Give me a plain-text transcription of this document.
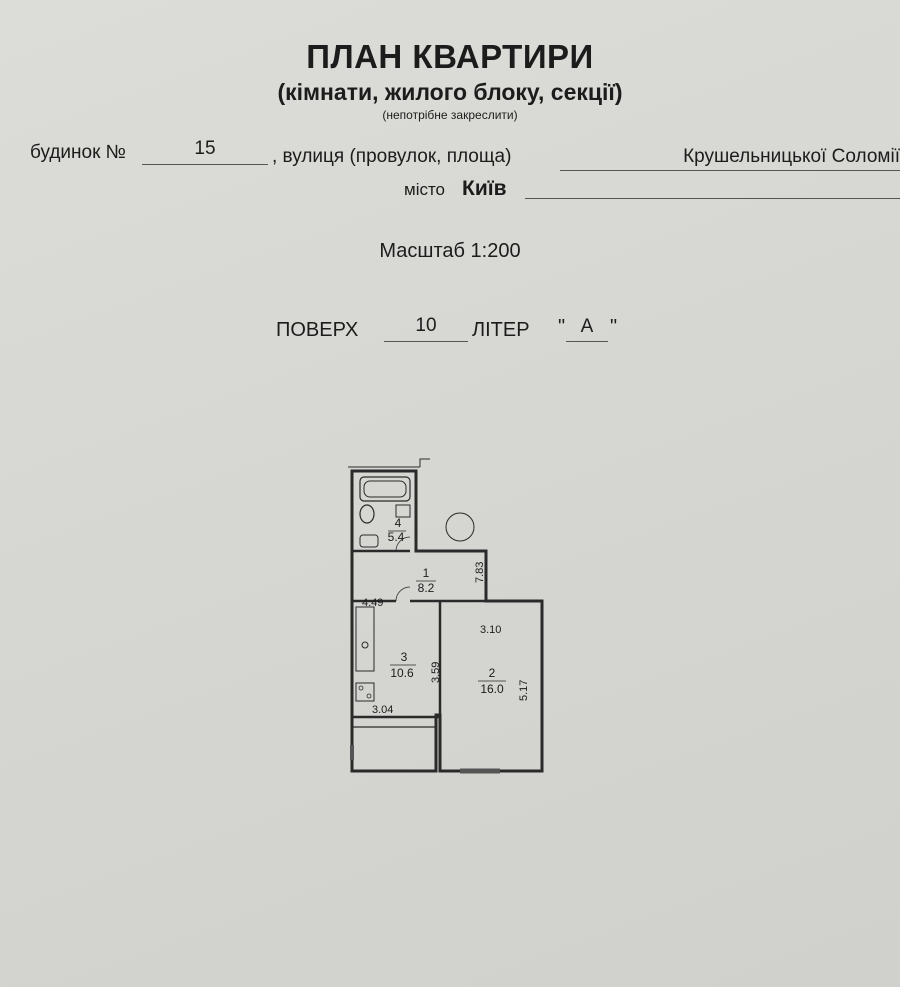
ПЛАН КВАРТИРИ
(кімнати, жилого блоку, секції)
(непотрібне закреслити)
будинок №	15	, вулиця (провулок, площа)	Крушельницької Соломії
місто Київ
Масштаб 1:200
ПОВЕРХ	10	ЛІТЕР	А
" "
4
5.4
1
8.2
3
10.6	2
16.0
4.49
3.10
3.04
7.83
3.59
5.17
